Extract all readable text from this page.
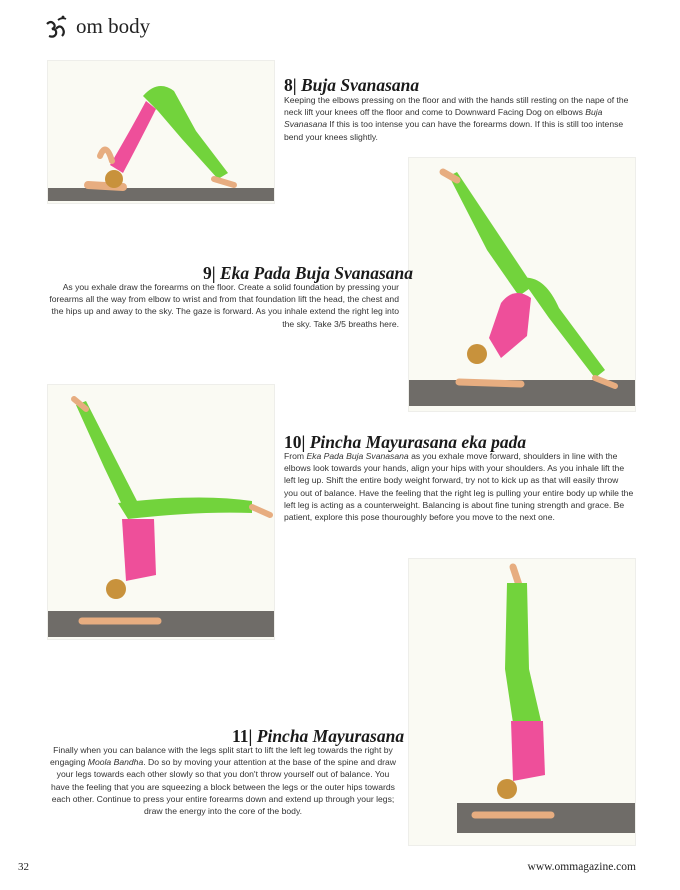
om body
8| Buja Svanasana

Keeping the elbows pressing on the floor and with the hands still resting on the nape of the neck lift your knees off the floor and come to Downward Facing Dog on elbows Buja Svanasana If this is too intense you can have the forearms down. If this is still too intense bend your knees slightly.

9| Eka Pada Buja Svanasana

As you exhale draw the forearms on the floor. Create a solid foundation by pressing your forearms all the way from elbow to wrist and from that foundation lift the head, the chest and the hips up and away to the sky. The gaze is forward. As you inhale extend the right leg into the sky. Take 3/5 breaths here.

10| Pincha Mayurasana eka pada

From Eka Pada Buja Svanasana as you exhale move forward, shoulders in line with the elbows look towards your hands, align your hips with your shoulders. As you inhale lift the left leg up. Shift the entire body weight forward, try not to kick up as that will easily throw you out of balance. Have the feeling that the right leg is pulling your entire body up while the left leg is acting as a counterweight. Balancing is about fine tuning strength and grace. Be patient, explore this pose thouroughly before you move to the next one.

11| Pincha Mayurasana

Finally when you can balance with the legs split start to lift the left leg towards the right by engaging Moola Bandha. Do so by moving your attention at the base of the spine and draw your legs towards each other slowly so that you don't throw yourself out of balance. You have the feeling that you are squeezing a block between the legs or the outer hips towards each other. Continue to press your entire forearms down and extend up through your legs; draw the energy into the core of the body.

32	www.ommagazine.com
